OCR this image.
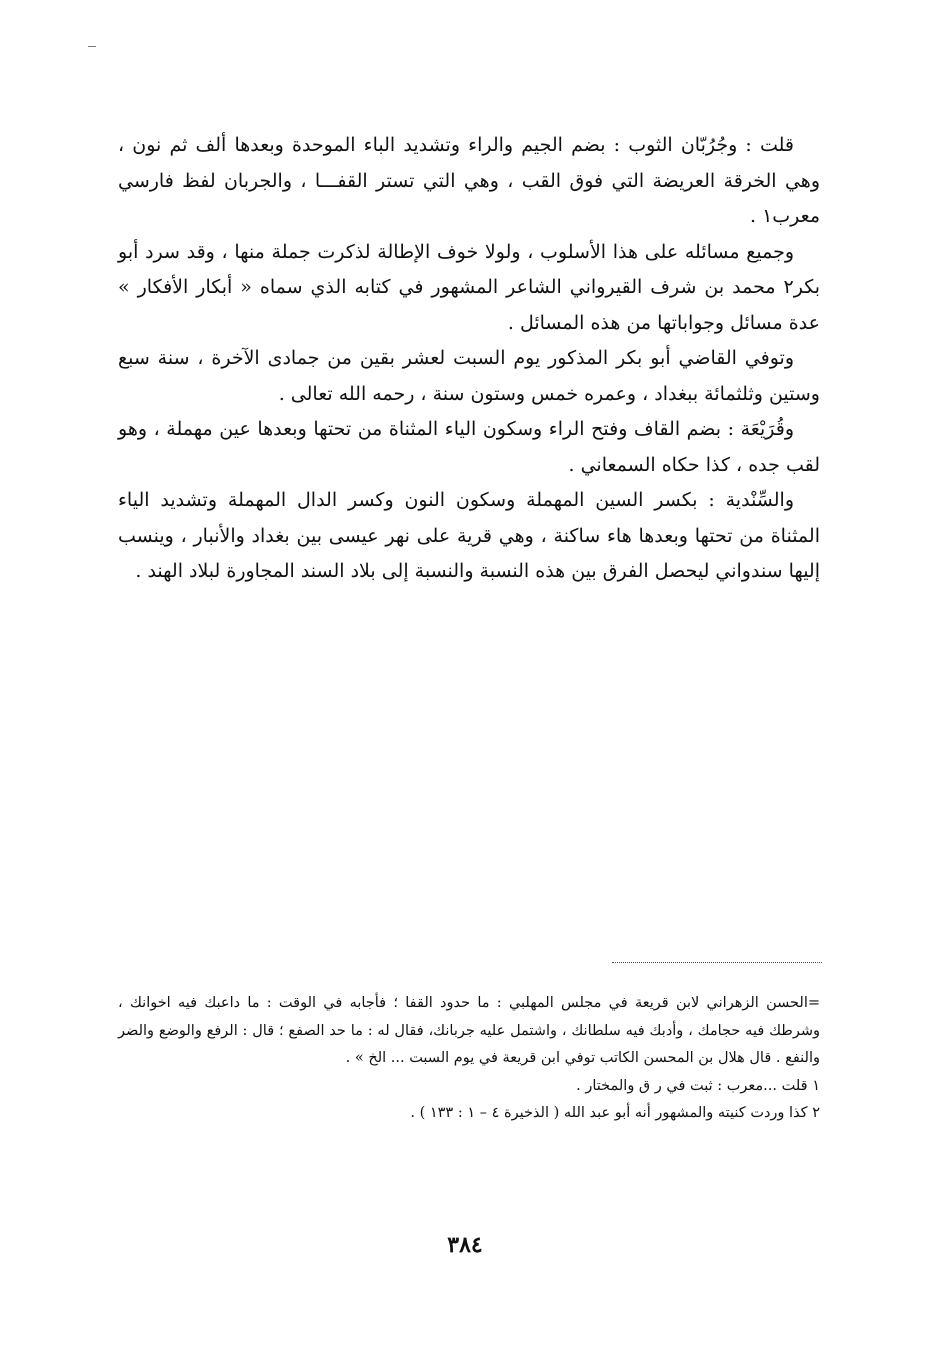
قلت : وجُرُبّان الثوب : بضم الجيم والراء وتشديد الباء الموحدة وبعدها ألف ثم نون ، وهي الخرقة العريضة التي فوق القب ، وهي التي تستر القفـــا ، والجربان لفظ فارسي معرب١ .

وجميع مسائله على هذا الأسلوب ، ولولا خوف الإطالة لذكرت جملة منها ، وقد سرد أبو بكر٢ محمد بن شرف القيرواني الشاعر المشهور في كتابه الذي سماه « أبكار الأفكار » عدة مسائل وجواباتها من هذه المسائل .

وتوفي القاضي أبو بكر المذكور يوم السبت لعشر بقين من جمادى الآخرة ، سنة سبع وستين وثلثمائة ببغداد ، وعمره خمس وستون سنة ، رحمه الله تعالى .

وقُرَيْعَة : بضم القاف وفتح الراء وسكون الياء المثناة من تحتها وبعدها عين مهملة ، وهو لقب جده ، كذا حكاه السمعاني .

والسِّنْدية : بكسر السين المهملة وسكون النون وكسر الدال المهملة وتشديد الياء المثناة من تحتها وبعدها هاء ساكنة ، وهي قرية على نهر عيسى بين بغداد والأنبار ، وينسب إليها سندواني ليحصل الفرق بين هذه النسبة والنسبة إلى بلاد السند المجاورة لبلاد الهند .

=الحسن الزهراني لابن قريعة في مجلس المهلبي : ما حدود القفا ؛ فأجابه في الوقت : ما داعبك فيه اخوانك ، وشرطك فيه حجامك ، وأدبك فيه سلطانك ، واشتمل عليه جربانك، فقال له : ما حد الصفع ؛ قال : الرفع والوضع والضر والنفع . قال هلال بن المحسن الكاتب توفي ابن قريعة في يوم السبت ... الخ » .

١ قلت ...معرب : ثبت في ر ق والمختار .

٢ كذا وردت كنيته والمشهور أنه أبو عبد الله ( الذخيرة ٤ – ١ : ١٣٣ ) .

٣٨٤
